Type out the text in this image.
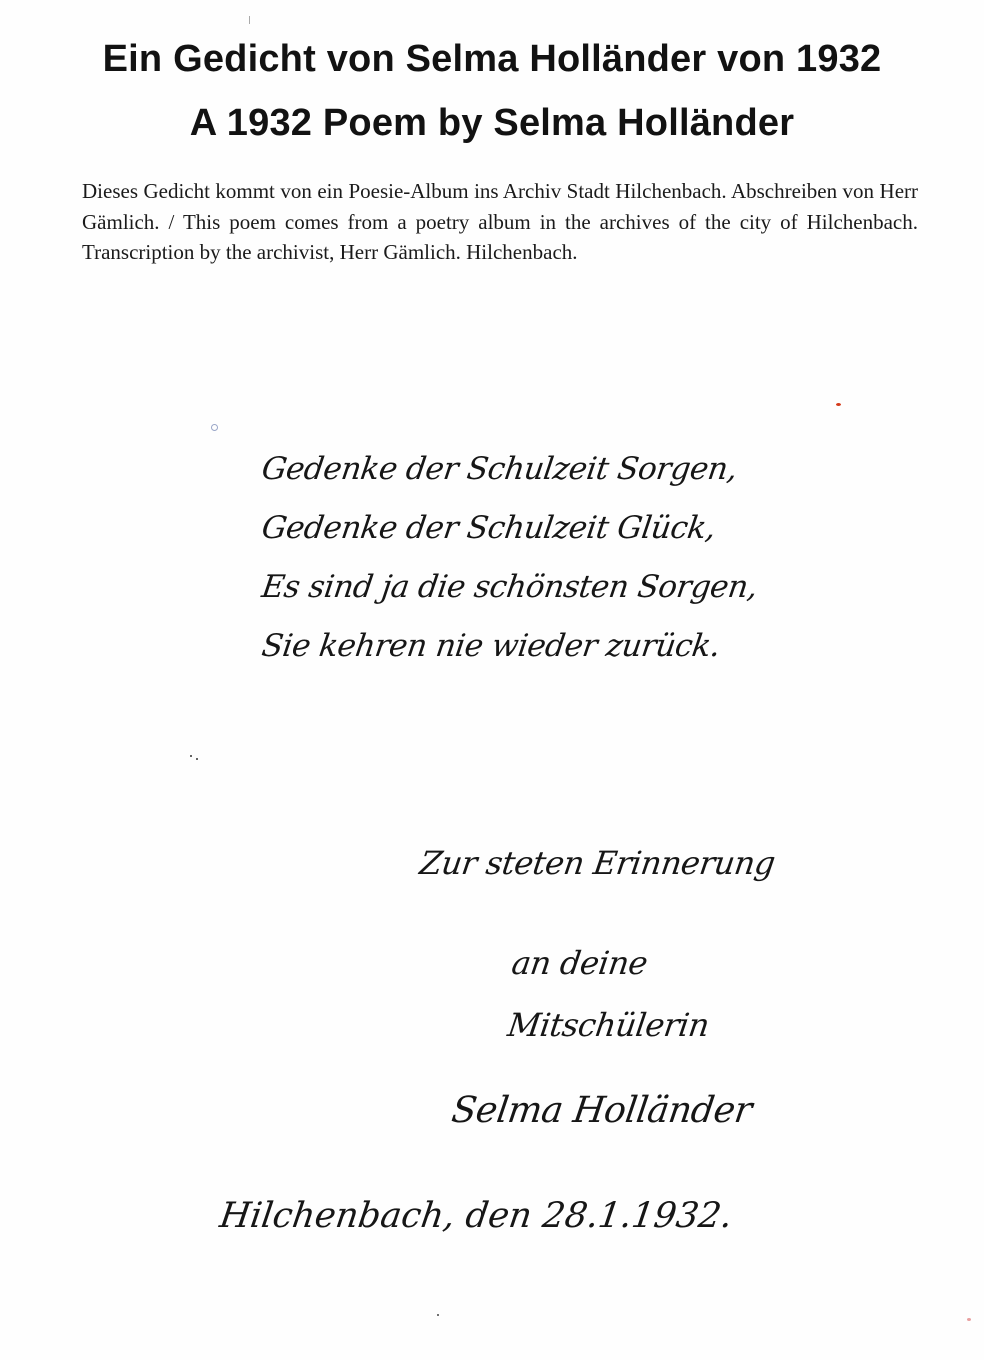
Ein Gedicht von Selma Holländer von 1932
A 1932 Poem by Selma Holländer

Dieses Gedicht kommt von ein Poesie-Album ins Archiv Stadt Hilchenbach. Abschreiben von Herr Gämlich. / This poem comes from a poetry album in the archives of the city of Hilchenbach. Transcription by the archivist, Herr Gämlich. Hilchenbach.

Gedenke der Schulzeit Sorgen,
Gedenke der Schulzeit Glück,
Es sind ja die schönsten Sorgen,
Sie kehren nie wieder zurück.
Zur steten Erinnerung
an deine
Mitschülerin
Selma Holländer
Hilchenbach, den 28.1.1932.
